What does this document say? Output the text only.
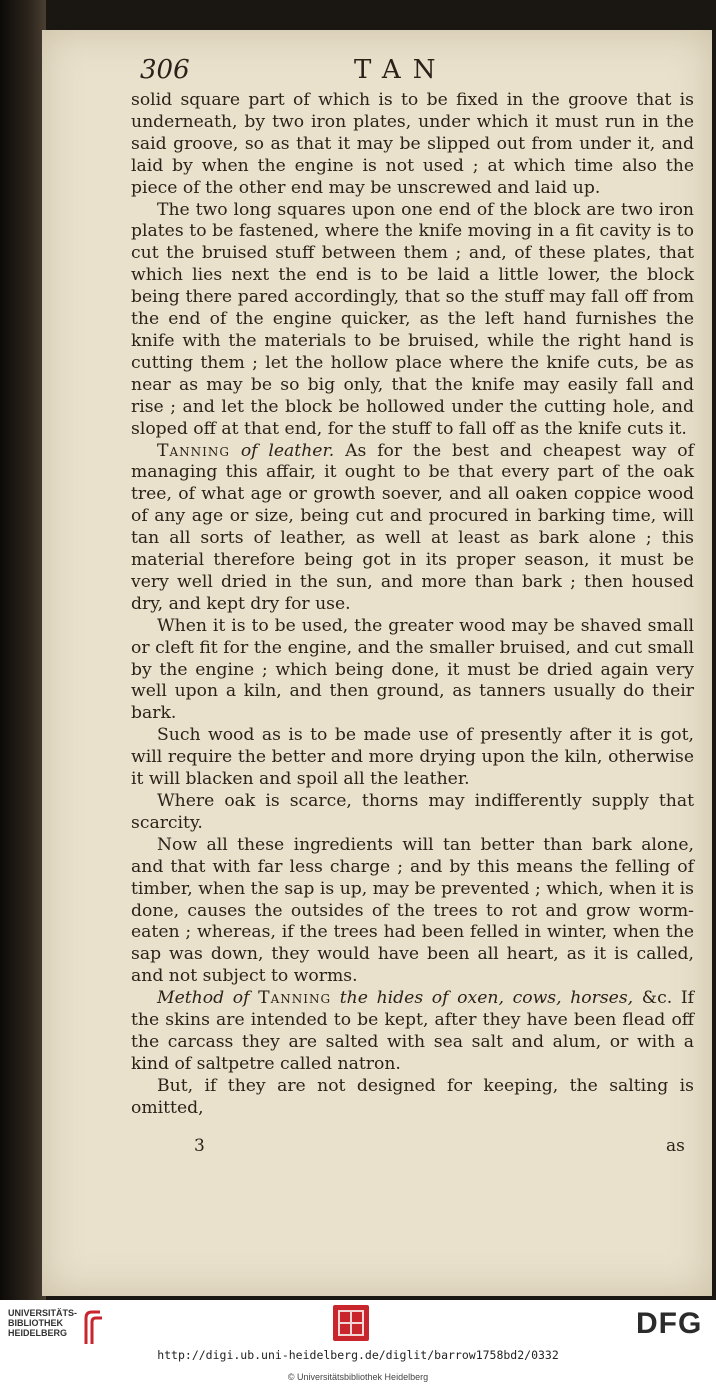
306	TAN

solid square part of which is to be fixed in the groove that is underneath, by two iron plates, under which it must run in the said groove, so as that it may be slipped out from under it, and laid by when the engine is not used ; at which time also the piece of the other end may be unscrewed and laid up.

The two long squares upon one end of the block are two iron plates to be fastened, where the knife moving in a fit cavity is to cut the bruised stuff between them ; and, of these plates, that which lies next the end is to be laid a little lower, the block being there pared accordingly, that so the stuff may fall off from the end of the engine quicker, as the left hand furnishes the knife with the materials to be bruised, while the right hand is cutting them ; let the hollow place where the knife cuts, be as near as may be so big only, that the knife may easily fall and rise ; and let the block be hollowed under the cutting hole, and sloped off at that end, for the stuff to fall off as the knife cuts it.

Tanning of leather. As for the best and cheapest way of managing this affair, it ought to be that every part of the oak tree, of what age or growth soever, and all oaken coppice wood of any age or size, being cut and procured in barking time, will tan all sorts of leather, as well at least as bark alone ; this material therefore being got in its proper season, it must be very well dried in the sun, and more than bark ; then housed dry, and kept dry for use.

When it is to be used, the greater wood may be shaved small or cleft fit for the engine, and the smaller bruised, and cut small by the engine ; which being done, it must be dried again very well upon a kiln, and then ground, as tanners usually do their bark.

Such wood as is to be made use of presently after it is got, will require the better and more drying upon the kiln, otherwise it will blacken and spoil all the leather.

Where oak is scarce, thorns may indifferently supply that scarcity.

Now all these ingredients will tan better than bark alone, and that with far less charge ; and by this means the felling of timber, when the sap is up, may be prevented ; which, when it is done, causes the outsides of the trees to rot and grow worm-eaten ; whereas, if the trees had been felled in winter, when the sap was down, they would have been all heart, as it is called, and not subject to worms.

Method of Tanning the hides of oxen, cows, horses, &c. If the skins are intended to be kept, after they have been flead off the carcass they are salted with sea salt and alum, or with a kind of saltpetre called natron.

But, if they are not designed for keeping, the salting is omitted,

3	as
UNIVERSITÄTS-
BIBLIOTHEK
HEIDELBERG	DFG
http://digi.ub.uni-heidelberg.de/diglit/barrow1758bd2/0332
© Universitätsbibliothek Heidelberg
